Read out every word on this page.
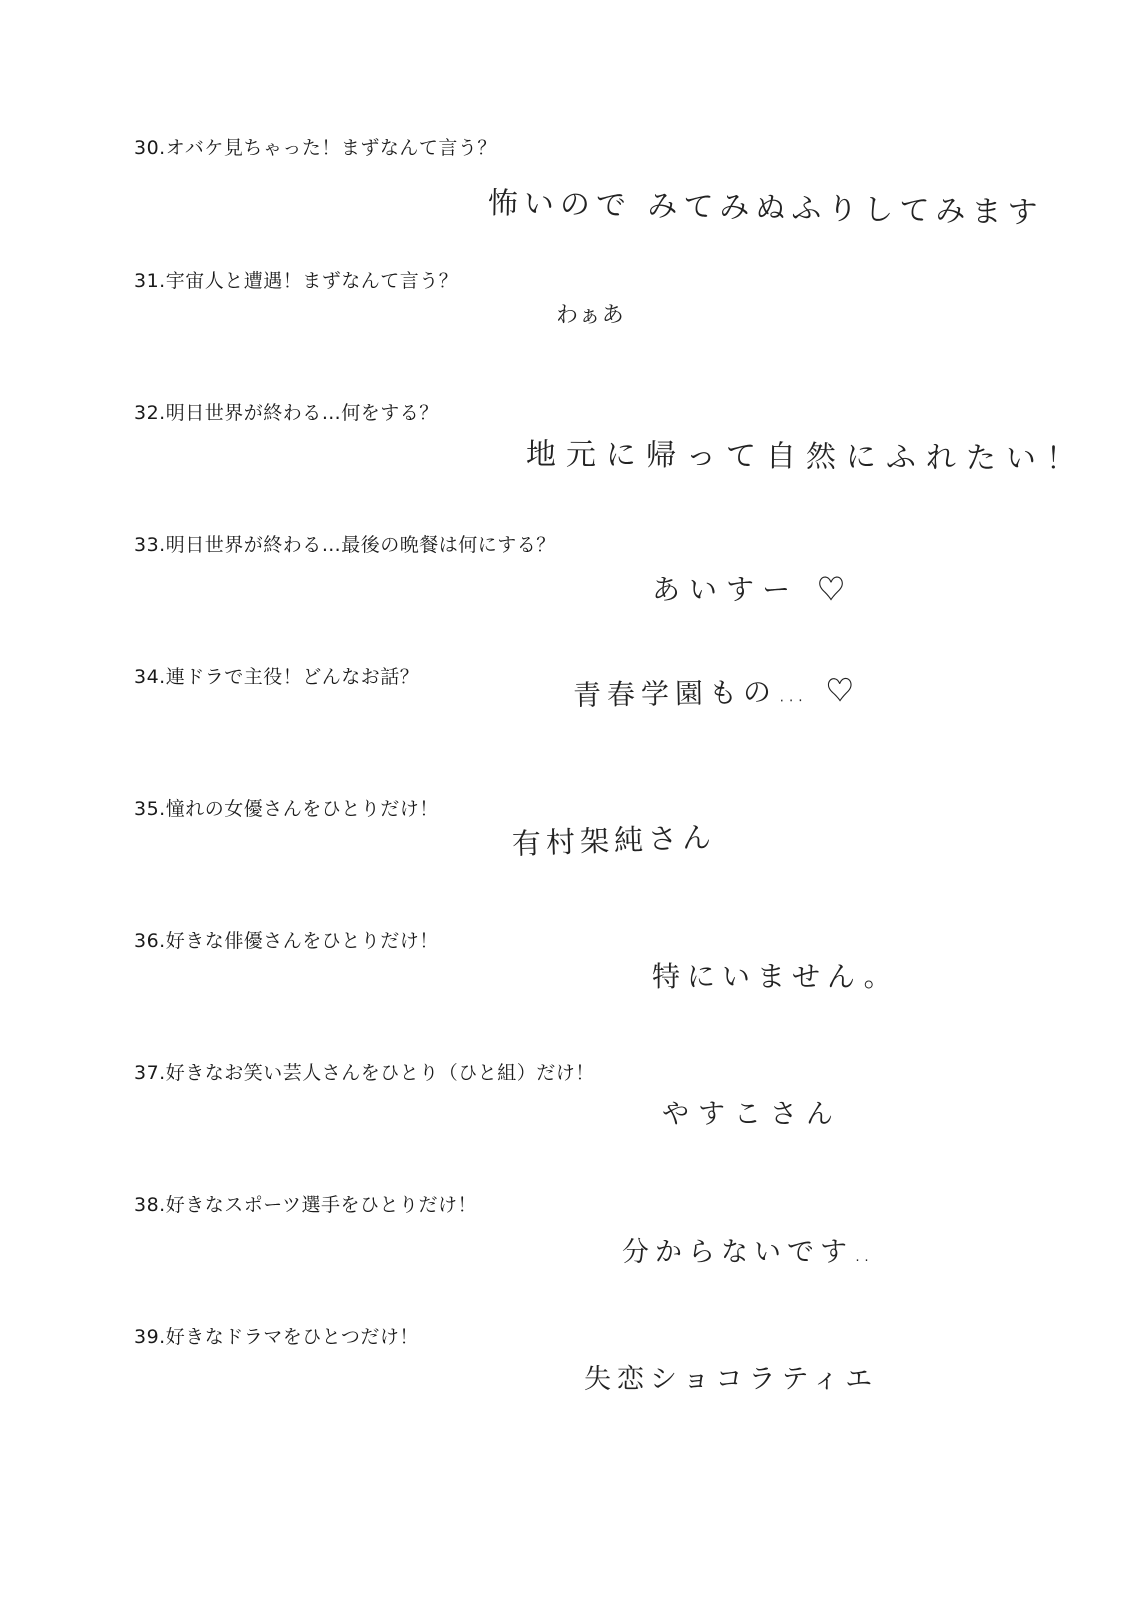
30.オバケ見ちゃった！まずなんて言う？
怖いので みてみぬふりしてみます
31.宇宙人と遭遇！まずなんて言う？
わぁあ
32.明日世界が終わる…何をする？
地元に帰って自然にふれたい！
33.明日世界が終わる…最後の晩餐は何にする？
あいすー ♡
34.連ドラで主役！どんなお話？	青春学園もの… ♡
35.憧れの女優さんをひとりだけ！
有村架純さん
36.好きな俳優さんをひとりだけ！
特にいません。
37.好きなお笑い芸人さんをひとり（ひと組）だけ！
やすこさん
38.好きなスポーツ選手をひとりだけ！
分からないです‥
39.好きなドラマをひとつだけ！
失恋ショコラティエ
